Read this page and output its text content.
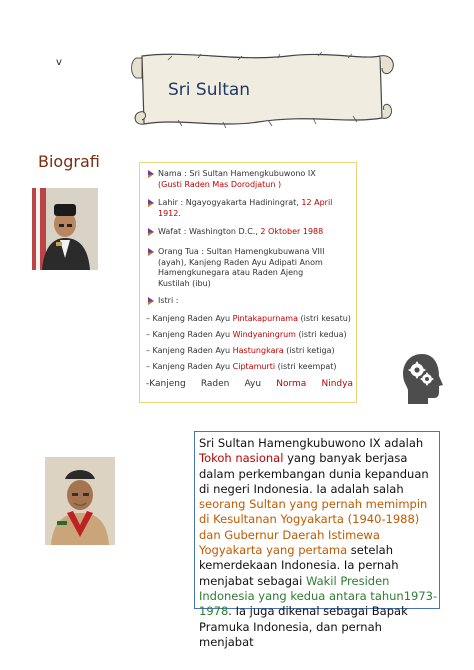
v
Sri Sultan
Biografi
Nama : Sri Sultan Hamengkubuwono IX
(Gusti Raden Mas Dorodjatun )
Lahir : Ngayogyakarta Hadiningrat, 12 April
1912.
Wafat : Washington D.C., 2 Oktober 1988
Orang Tua : Sultan Hamengkubuwana VIII
(ayah), Kanjeng Raden Ayu Adipati Anom
Hamengkunegara atau Raden Ajeng
Kustilah (ibu)
Istri :
– Kanjeng Raden Ayu Pintakapurnama (istri kesatu)
– Kanjeng Raden Ayu Windyaningrum (istri kedua)
– Kanjeng Raden Ayu Hastungkara (istri ketiga)
– Kanjeng Raden Ayu Ciptamurti (istri keempat)
-Kanjeng Raden Ayu Norma Nindya
Sri Sultan Hamengkubuwono IX adalah Tokoh nasional yang banyak berjasa dalam perkembangan dunia kepanduan di negeri Indonesia. Ia adalah salah seorang Sultan yang pernah memimpin di Kesultanan Yogyakarta (1940-1988) dan Gubernur Daerah Istimewa Yogyakarta yang pertama setelah kemerdekaan Indonesia. Ia pernah menjabat sebagai Wakil Presiden Indonesia yang kedua antara tahun1973-1978. Ia juga dikenal sebagai Bapak Pramuka Indonesia, dan pernah menjabat
